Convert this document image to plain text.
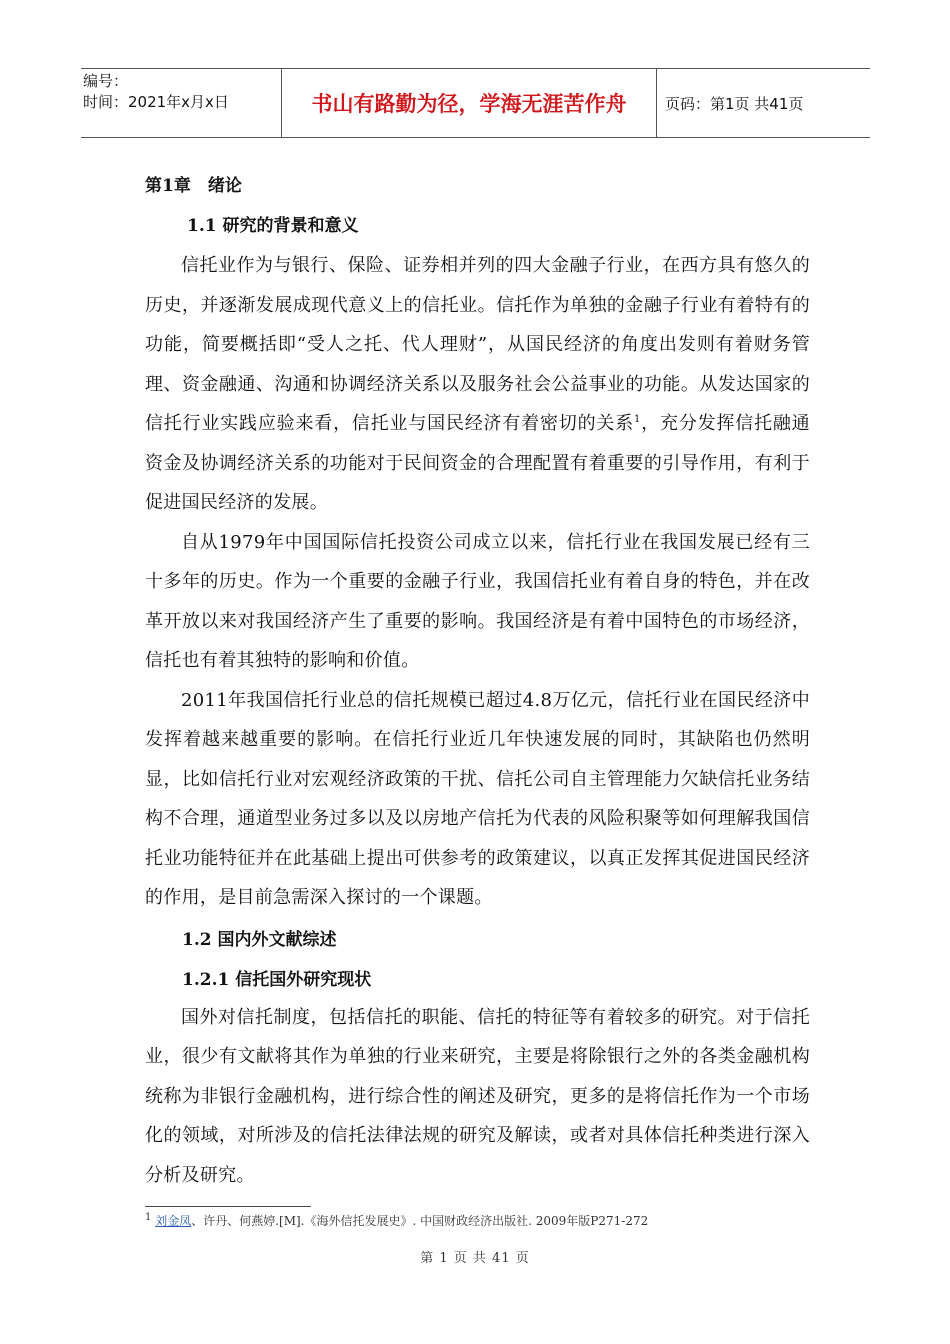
编号：
时间：2021年x月x日	书山有路勤为径，学海无涯苦作舟	页码：第1页 共41页
第1章　绪论
1.1 研究的背景和意义

信托业作为与银行、保险、证券相并列的四大金融子行业，在西方具有悠久的历史，并逐渐发展成现代意义上的信托业。信托作为单独的金融子行业有着特有的功能，简要概括即“受人之托、代人理财”，从国民经济的角度出发则有着财务管理、资金融通、沟通和协调经济关系以及服务社会公益事业的功能。从发达国家的信托行业实践应验来看，信托业与国民经济有着密切的关系$^1$，充分发挥信托融通资金及协调经济关系的功能对于民间资金的合理配置有着重要的引导作用，有利于促进国民经济的发展。

自从1979年中国国际信托投资公司成立以来，信托行业在我国发展已经有三十多年的历史。作为一个重要的金融子行业，我国信托业有着自身的特色，并在改革开放以来对我国经济产生了重要的影响。我国经济是有着中国特色的市场经济，信托也有着其独特的影响和价值。

2011年我国信托行业总的信托规模已超过4.8万亿元，信托行业在国民经济中发挥着越来越重要的影响。在信托行业近几年快速发展的同时，其缺陷也仍然明显，比如信托行业对宏观经济政策的干扰、信托公司自主管理能力欠缺信托业务结构不合理，通道型业务过多以及以房地产信托为代表的风险积聚等如何理解我国信托业功能特征并在此基础上提出可供参考的政策建议，以真正发挥其促进国民经济的作用，是目前急需深入探讨的一个课题。

1.2 国内外文献综述
1.2.1 信托国外研究现状

国外对信托制度，包括信托的职能、信托的特征等有着较多的研究。对于信托业，很少有文献将其作为单独的行业来研究，主要是将除银行之外的各类金融机构统称为非银行金融机构，进行综合性的阐述及研究，更多的是将信托作为一个市场化的领域，对所涉及的信托法律法规的研究及解读，或者对具体信托种类进行深入分析及研究。

$^1$ 刘金凤、许丹、何燕婷.[M].《海外信托发展史》. 中国财政经济出版社. 2009年版P271-272
第 1 页 共 41 页
